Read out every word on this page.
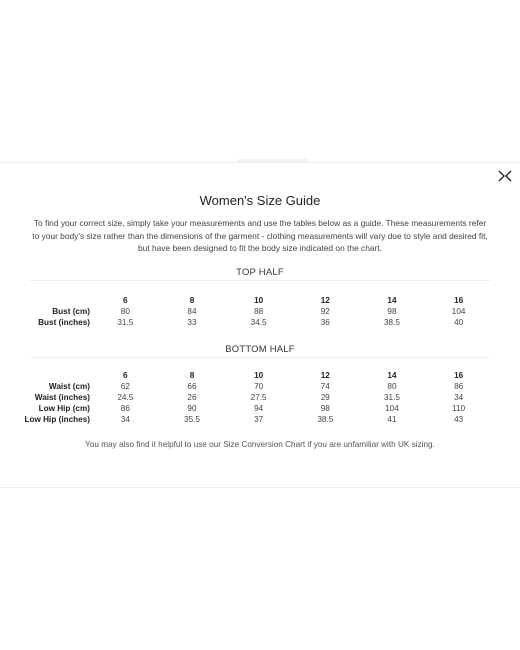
Women's Size Guide
To find your correct size, simply take your measurements and use the tables below as a guide. These measurements refer to your body's size rather than the dimensions of the garment - clothing measurements will vary due to style and desired fit, but have been designed to fit the body size indicated on the chart.
TOP HALF
	6	8	10	12	14	16
Bust (cm)	80	84	88	92	98	104
Bust (inches)	31.5	33	34.5	36	38.5	40
BOTTOM HALF
	6	8	10	12	14	16
Waist (cm)	62	66	70	74	80	86
Waist (inches)	24.5	26	27.5	29	31.5	34
Low Hip (cm)	86	90	94	98	104	110
Low Hip (inches)	34	35.5	37	38.5	41	43
You may also find it helpful to use our Size Conversion Chart if you are unfamiliar with UK sizing.
